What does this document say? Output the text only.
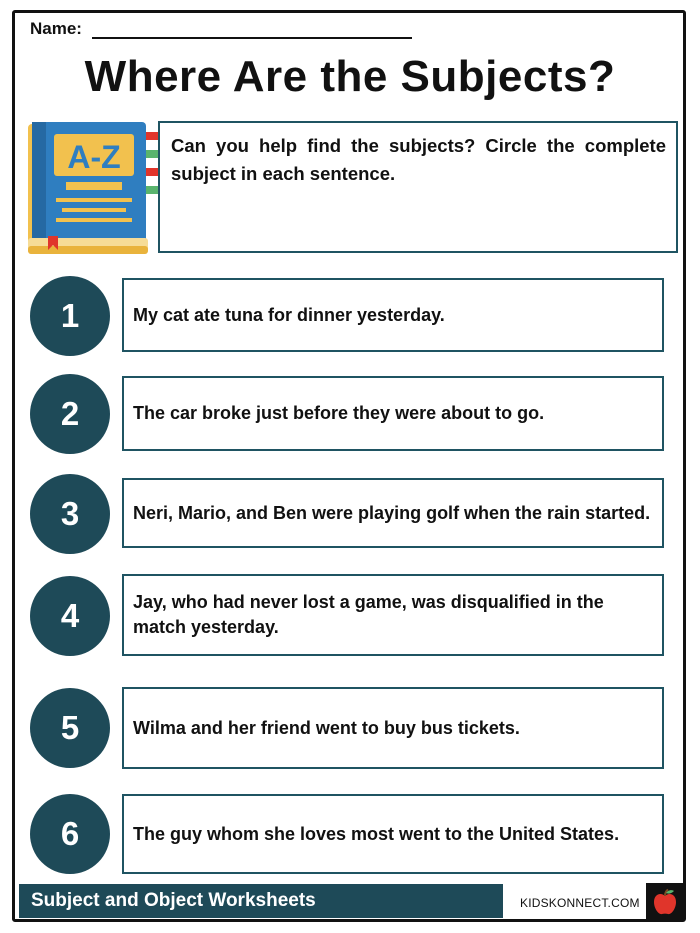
Name:
Where Are the Subjects?
A-Z	Can you help find the subjects? Circle the complete subject in each sentence.
1	My cat ate tuna for dinner yesterday.
2	The car broke just before they were about to go.
3	Neri, Mario, and Ben were playing golf when the rain started.
4	Jay, who had never lost a game, was disqualified in the match yesterday.
5	Wilma and her friend went to buy bus tickets.
6	The guy whom she loves most went to the United States.
Subject and Object Worksheets	KIDSKONNECT.COM
